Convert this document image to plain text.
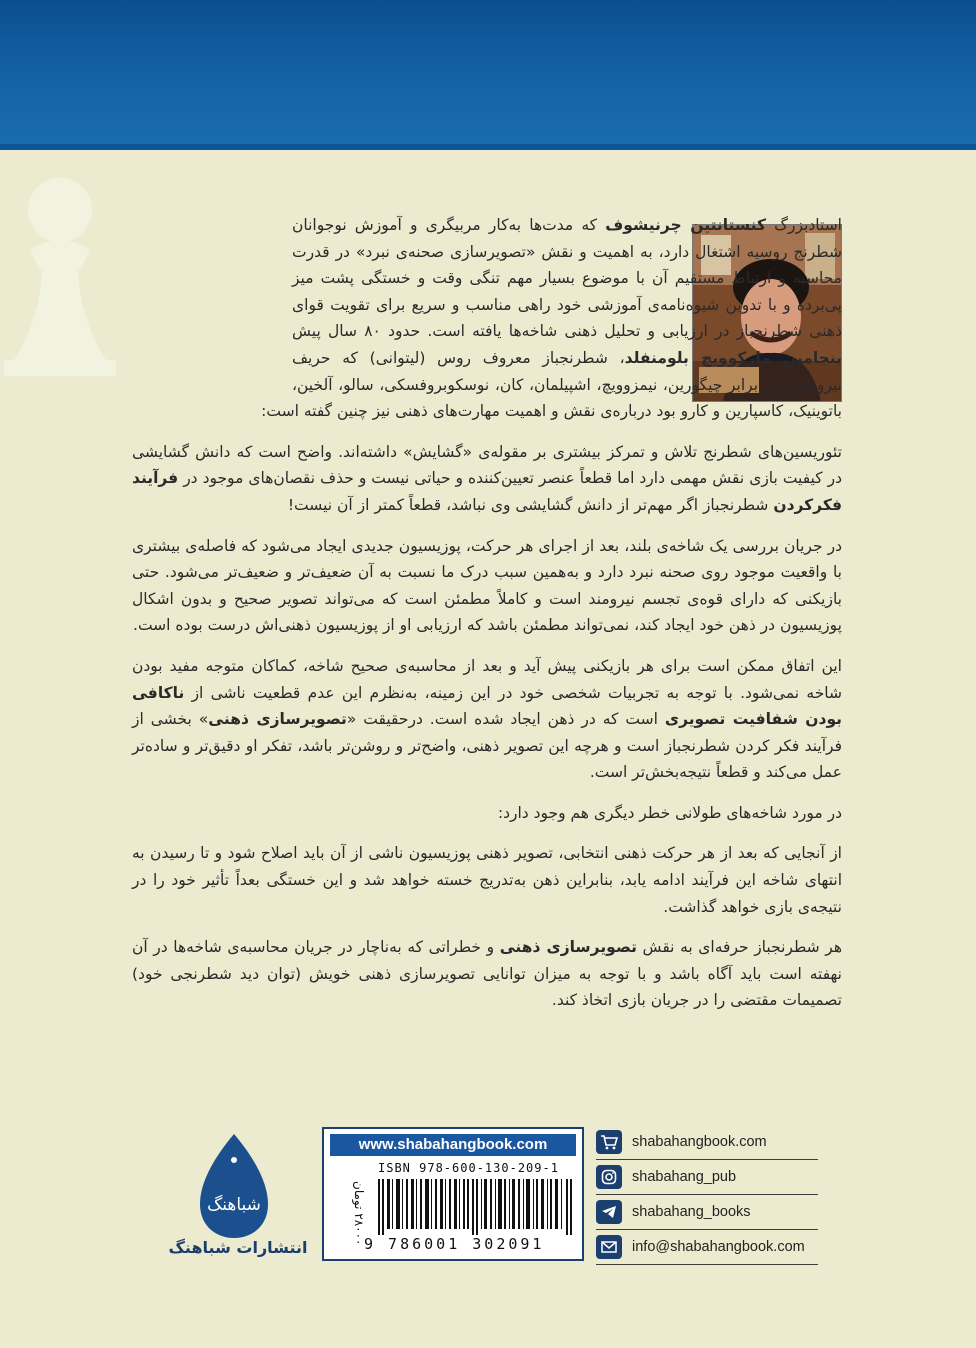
استادبزرگ کنستانتین چرنیشوف که مدت‌ها به‌کار مربیگری و آموزش نوجوانان شطرنج روسیه اشتغال دارد، به اهمیت و نقش «تصویرسازی صحنه‌ی نبرد» در قدرت محاسبه و ارتباط مستقیم آن با موضوع بسیار مهم تنگی وقت و خستگی پشت میز پی‌برده و با تدوین شیوه‌نامه‌ی آموزشی خود راهی مناسب و سریع برای تقویت قوای ذهنی شطرنجباز در ارزیابی و تحلیل ذهنی شاخه‌ها یافته است. حدود ۸۰ سال پیش بنجامین مارکوویچ بلومنفلد، شطرنجباز معروف روس (لیتوانی) که حریف نیرومندی در برابر چیگورین، نیمزوویچ، اشپیلمان، کان، نوسکوبروفسکی، سالو، آلخین، باتوینیک، کاسپارین و کارو بود درباره‌ی نقش و اهمیت مهارت‌های ذهنی نیز چنین گفته است:

تئوریسین‌های شطرنج تلاش و تمرکز بیشتری بر مقوله‌ی «گشایش» داشته‌اند. واضح است که دانش گشایشی در کیفیت بازی نقش مهمی دارد اما قطعاً عنصر تعیین‌کننده و حیاتی نیست و حذف نقصان‌های موجود در فرآیند فکرکردن شطرنجباز اگر مهم‌تر از دانش گشایشی وی نباشد، قطعاً کمتر از آن نیست!

در جریان بررسی یک شاخه‌ی بلند، بعد از اجرای هر حرکت، پوزیسیون جدیدی ایجاد می‌شود که فاصله‌ی بیشتری با واقعیت موجود روی صحنه نبرد دارد و به‌همین سبب درک ما نسبت به آن ضعیف‌تر و ضعیف‌تر می‌شود. حتی بازیکنی که دارای قوه‌ی تجسم نیرومند است و کاملاً مطمئن است که می‌تواند تصویر صحیح و بدون اشکال پوزیسیون در ذهن خود ایجاد کند، نمی‌تواند مطمئن باشد که ارزیابی او از پوزیسیون ذهنی‌اش درست بوده است.

این اتفاق ممکن است برای هر بازیکنی پیش آید و بعد از محاسبه‌ی صحیح شاخه، کماکان متوجه مفید بودن شاخه نمی‌شود. با توجه به تجربیات شخصی خود در این زمینه، به‌نظرم این عدم قطعیت ناشی از ناکافی بودن شفافیت تصویری است که در ذهن ایجاد شده است. درحقیقت «تصویرسازی ذهنی» بخشی از فرآیند فکر کردن شطرنجباز است و هرچه این تصویر ذهنی، واضح‌تر و روشن‌تر باشد، تفکر او دقیق‌تر و ساده‌تر عمل می‌کند و قطعاً نتیجه‌بخش‌تر است.

در مورد شاخه‌های طولانی خطر دیگری هم وجود دارد:

از آنجایی که بعد از هر حرکت ذهنی انتخابی، تصویر ذهنی پوزیسیون ناشی از آن باید اصلاح شود و تا رسیدن به انتهای شاخه این فرآیند ادامه یابد، بنابراین ذهن به‌تدریج خسته خواهد شد و این خستگی بعداً تأثیر خود را در نتیجه‌ی بازی خواهد گذاشت.

هر شطرنجباز حرفه‌ای به نقش تصویرسازی ذهنی و خطراتی که به‌ناچار در جریان محاسبه‌ی شاخه‌ها در آن نهفته است باید آگاه باشد و با توجه به میزان توانایی تصویرسازی ذهنی خویش (توان دید شطرنجی خود) تصمیمات مقتضی را در جریان بازی اتخاذ کند.

شباهنگ
انتشارات شباهنگ
www.shabahangbook.com
۲۸۰۰۰ تومان
ISBN 978-600-130-209-1
9 786001 302091
shabahangbook.com
shabahang_pub
shabahang_books
info@shabahangbook.com
